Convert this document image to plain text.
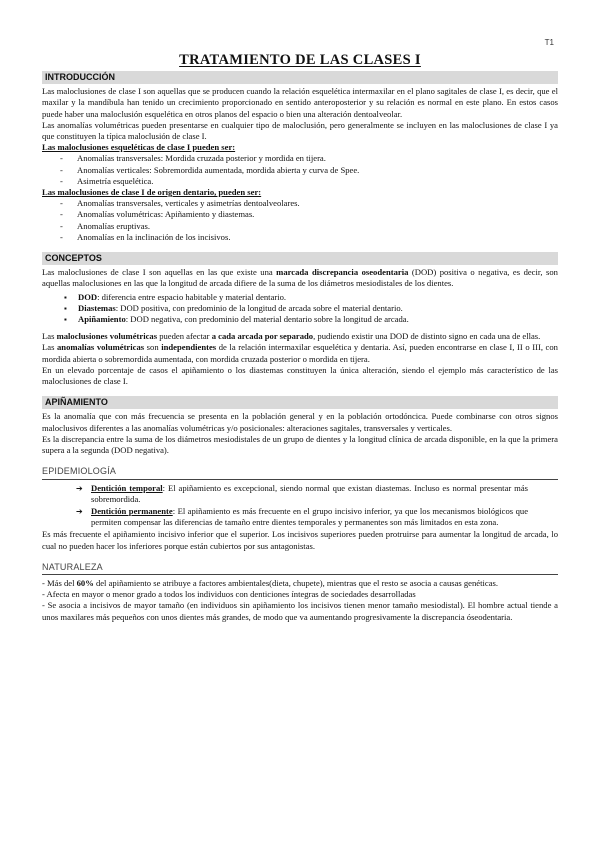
T1
TRATAMIENTO DE LAS CLASES I
INTRODUCCIÓN

Las maloclusiones de clase I son aquellas que se producen cuando la relación esquelética intermaxilar en el plano sagitales de clase I, es decir, que el maxilar y la mandíbula han tenido un crecimiento proporcionado en sentido anteroposterior y su relación es normal en este plano. En estos casos puede haber una maloclusión esquelética en otros planos del espacio o bien una alteración dentoalveolar.

Las anomalías volumétricas pueden presentarse en cualquier tipo de maloclusión, pero generalmente se incluyen en las maloclusiones de clase I ya que constituyen la típica maloclusión de clase I.

Las maloclusiones esqueléticas de clase I pueden ser:

- Anomalías transversales: Mordida cruzada posterior y mordida en tijera.
- Anomalías verticales: Sobremordida aumentada, mordida abierta y curva de Spee.
- Asimetría esquelética.

Las maloclusiones de clase I de origen dentario, pueden ser:

- Anomalías transversales, verticales y asimetrías dentoalveolares.
- Anomalías volumétricas: Apiñamiento y diastemas.
- Anomalías eruptivas.
- Anomalías en la inclinación de los incisivos.
CONCEPTOS

Las maloclusiones de clase I son aquellas en las que existe una marcada discrepancia oseodentaria (DOD) positiva o negativa, es decir, son aquellas maloclusiones en las que la longitud de arcada difiere de la suma de los diámetros mesiodistales de los dientes.

▪ DOD: diferencia entre espacio habitable y material dentario.
▪ Diastemas: DOD positiva, con predominio de la longitud de arcada sobre el material dentario.
▪ Apiñamiento: DOD negativa, con predominio del material dentario sobre la longitud de arcada.

Las maloclusiones volumétricas pueden afectar a cada arcada por separado, pudiendo existir una DOD de distinto signo en cada una de ellas.

Las anomalías volumétricas son independientes de la relación intermaxilar esquelética y dentaria. Así, pueden encontrarse en clase I, II o III, con mordida abierta o sobremordida aumentada, con mordida cruzada posterior o mordida en tijera.

En un elevado porcentaje de casos el apiñamiento o los diastemas constituyen la única alteración, siendo el ejemplo más característico de las maloclusiones de clase I.

APIÑAMIENTO

Es la anomalía que con más frecuencia se presenta en la población general y en la población ortodóncica. Puede combinarse con otros signos maloclusivos diferentes a las anomalías volumétricas y/o posicionales: alteraciones sagitales, transversales y verticales.

Es la discrepancia entre la suma de los diámetros mesiodistales de un grupo de dientes y la longitud clínica de arcada disponible, en la que la primera supera a la segunda (DOD negativa).

EPIDEMIOLOGÍA
➔ Dentición temporal: El apiñamiento es excepcional, siendo normal que existan diastemas. Incluso es normal presentar más sobremordida.
➔ Dentición permanente: El apiñamiento es más frecuente en el grupo incisivo inferior, ya que los mecanismos biológicos que permiten compensar las diferencias de tamaño entre dientes temporales y permanentes son más limitados en esta zona.

Es más frecuente el apiñamiento incisivo inferior que el superior. Los incisivos superiores pueden protruirse para aumentar la longitud de arcada, lo cual no pueden hacer los inferiores porque están cubiertos por sus antagonistas.

NATURALEZA

- Más del 60% del apiñamiento se atribuye a factores ambientales(dieta, chupete), mientras que el resto se asocia a causas genéticas.

- Afecta en mayor o menor grado a todos los individuos con denticiones íntegras de sociedades desarrolladas

- Se asocia a incisivos de mayor tamaño (en individuos sin apiñamiento los incisivos tienen menor tamaño mesiodistal). El hombre actual tiende a unos maxilares más pequeños con unos dientes más grandes, de modo que va aumentando progresivamente la discrepancia óseodentaria.
